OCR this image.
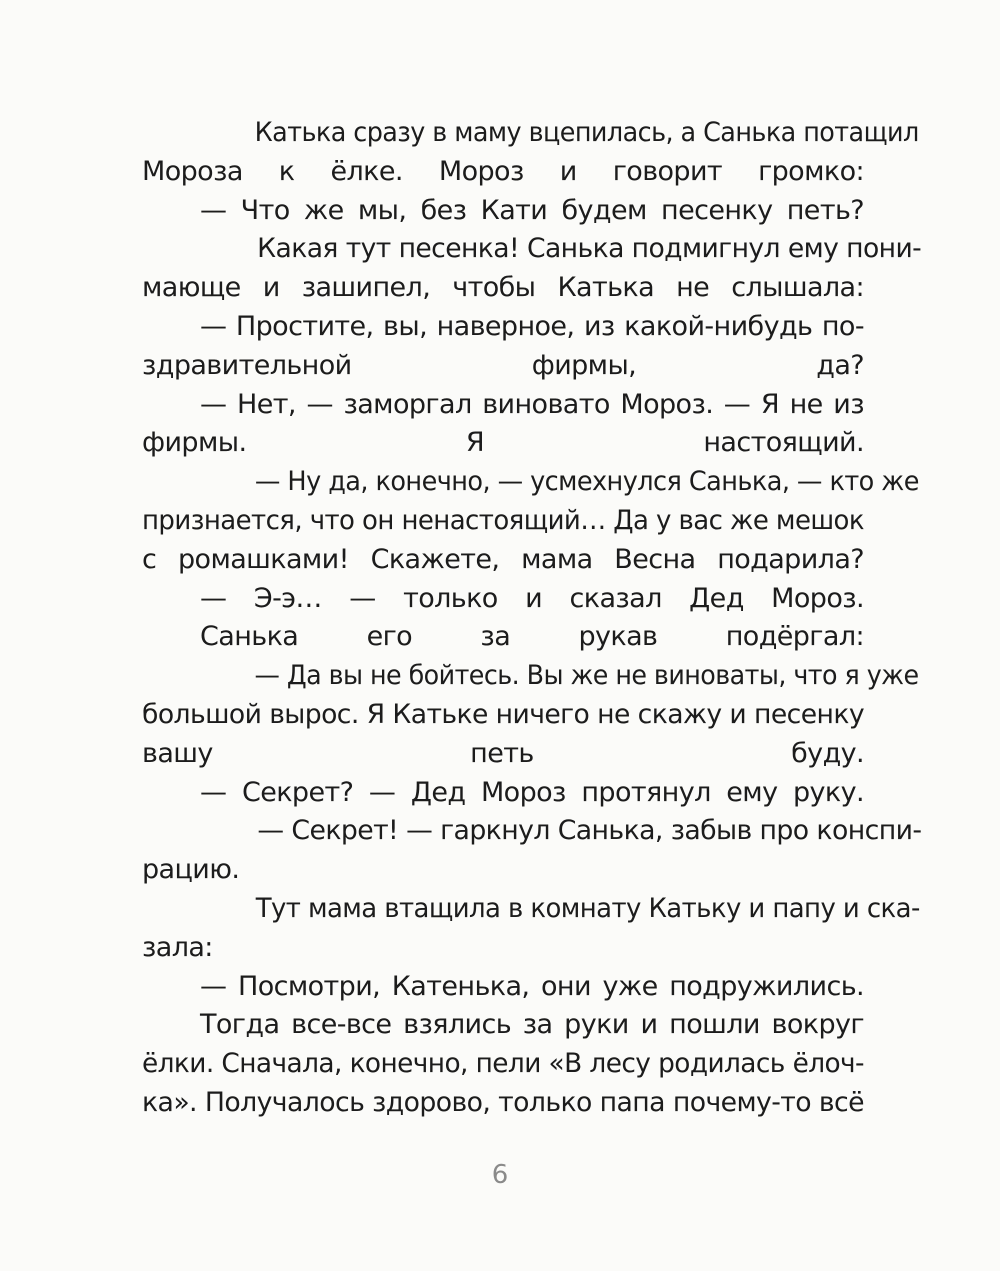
Катька сразу в маму вцепилась, а Санька потащил

Мороза к ёлке. Мороз и говорит громко:

— Что же мы, без Кати будем песенку петь?

Какая тут песенка! Санька подмигнул ему пони-

мающе и зашипел, чтобы Катька не слышала:

— Простите, вы, наверное, из какой-нибудь по-

здравительной фирмы, да?

— Нет, — заморгал виновато Мороз. — Я не из

фирмы. Я настоящий.

— Ну да, конечно, — усмехнулся Санька, — кто же

признается, что он ненастоящий… Да у вас же мешок

с ромашками! Скажете, мама Весна подарила?

— Э-э… — только и сказал Дед Мороз.

Санька его за рукав подёргал:

— Да вы не бойтесь. Вы же не виноваты, что я уже

большой вырос. Я Катьке ничего не скажу и песенку

вашу петь буду.

— Секрет? — Дед Мороз протянул ему руку.

— Секрет! — гаркнул Санька, забыв про конспи-

рацию.

Тут мама втащила в комнату Катьку и папу и ска-

зала:

— Посмотри, Катенька, они уже подружились.

Тогда все-все взялись за руки и пошли вокруг

ёлки. Сначала, конечно, пели «В лесу родилась ёлоч-

ка». Получалось здорово, только папа почему-то всё

6
